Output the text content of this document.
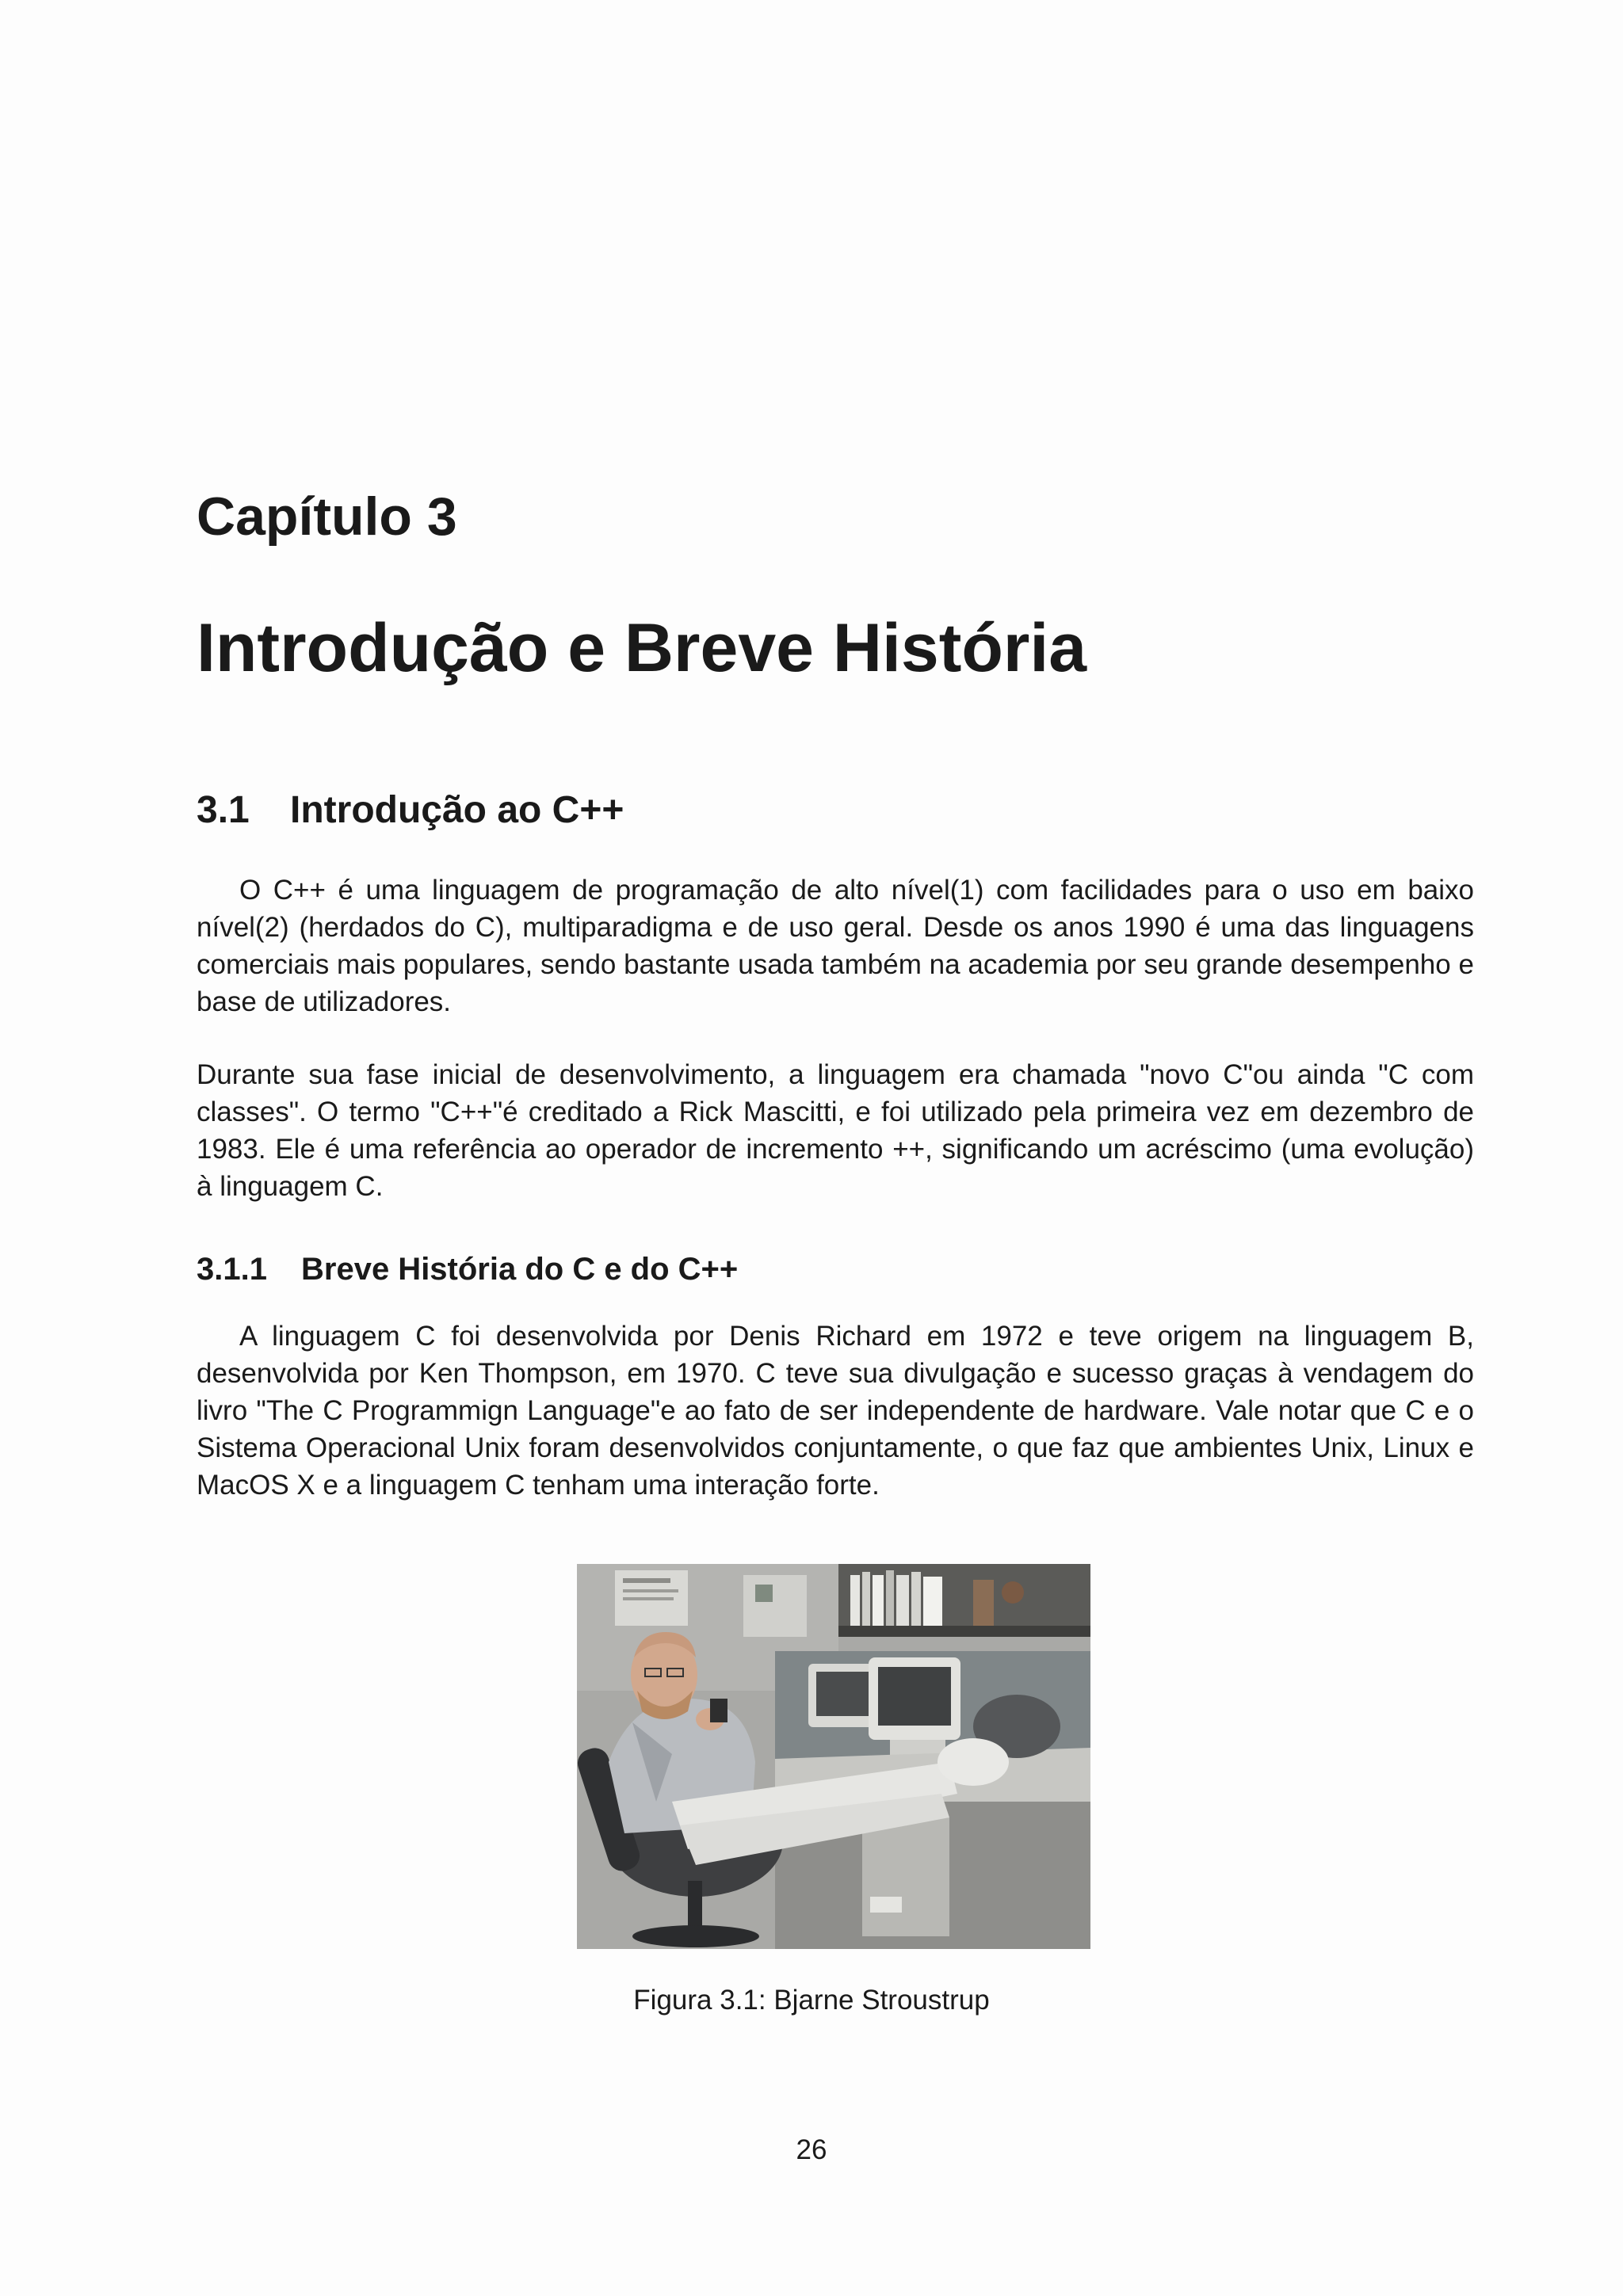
Capítulo 3
Introdução e Breve História
3.1 Introdução ao C++

O C++ é uma linguagem de programação de alto nível(1) com facilidades para o uso em baixo nível(2) (herdados do C), multiparadigma e de uso geral. Desde os anos 1990 é uma das linguagens comerciais mais populares, sendo bastante usada também na academia por seu grande desempenho e base de utilizadores.

Durante sua fase inicial de desenvolvimento, a linguagem era chamada "novo C"ou ainda "C com classes". O termo "C++"é creditado a Rick Mascitti, e foi utilizado pela primeira vez em dezembro de 1983. Ele é uma referência ao operador de incremento ++, significando um acréscimo (uma evolução) à linguagem C.

3.1.1 Breve História do C e do C++

A linguagem C foi desenvolvida por Denis Richard em 1972 e teve origem na linguagem B, desenvolvida por Ken Thompson, em 1970. C teve sua divulgação e sucesso graças à vendagem do livro "The C Programmign Language"e ao fato de ser independente de hardware. Vale notar que C e o Sistema Operacional Unix foram desenvolvidos conjuntamente, o que faz que ambientes Unix, Linux e MacOS X e a linguagem C tenham uma interação forte.

Figura 3.1: Bjarne Stroustrup

26
